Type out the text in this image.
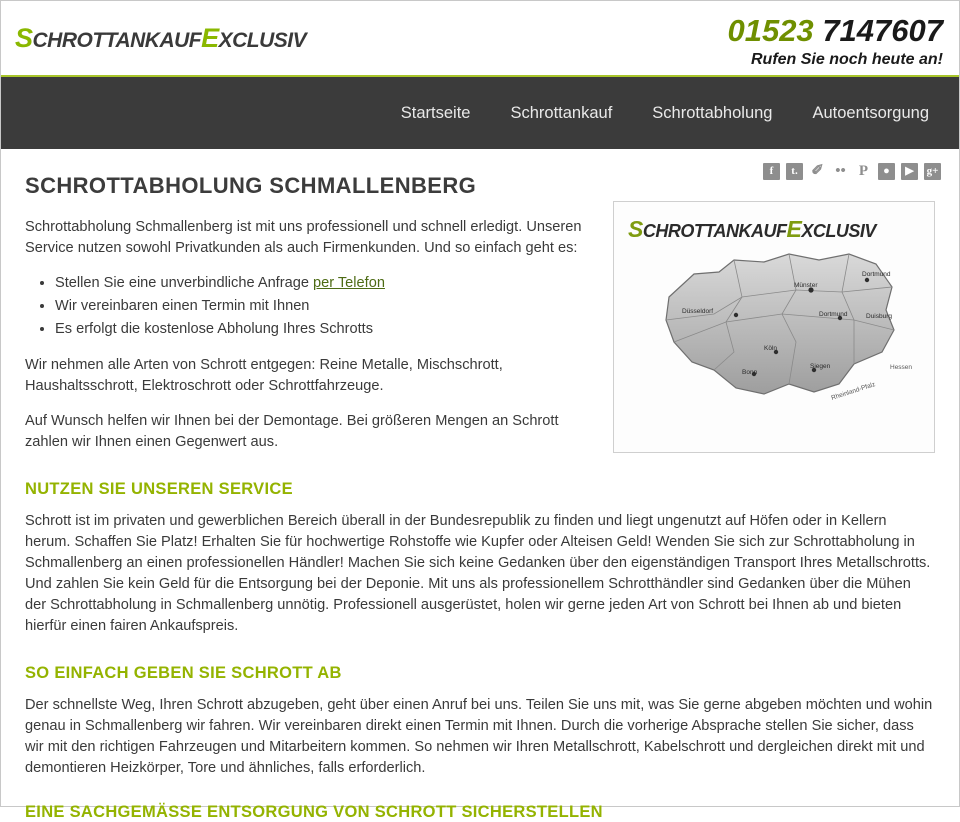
SCHROTTANKAUFEXCLUSIV	01523 7147607
Rufen Sie noch heute an!
Startseite	Schrottankauf	Schrottabholung	Autoentsorgung
f	t. ✐ •• P	●	▶	g+
SCHROTTABHOLUNG SCHMALLENBERG
SCHROTTANKAUFEXCLUSIV
Münster
Dortmund
Düsseldorf	Dortmund	Duisburg
Köln
Bonn
Siegen
Rheinland-Pfalz
Hessen

Schrottabholung Schmallenberg ist mit uns professionell und schnell erledigt. Unseren Service nutzen sowohl Privatkunden als auch Firmenkunden. Und so einfach geht es:

• Stellen Sie eine unverbindliche Anfrage per Telefon
• Wir vereinbaren einen Termin mit Ihnen
• Es erfolgt die kostenlose Abholung Ihres Schrotts

Wir nehmen alle Arten von Schrott entgegen: Reine Metalle, Mischschrott, Haushaltsschrott, Elektroschrott oder Schrottfahrzeuge.

Auf Wunsch helfen wir Ihnen bei der Demontage. Bei größeren Mengen an Schrott zahlen wir Ihnen einen Gegenwert aus.

NUTZEN SIE UNSEREN SERVICE

Schrott ist im privaten und gewerblichen Bereich überall in der Bundesrepublik zu finden und liegt ungenutzt auf Höfen oder in Kellern herum. Schaffen Sie Platz! Erhalten Sie für hochwertige Rohstoffe wie Kupfer oder Alteisen Geld! Wenden Sie sich zur Schrottabholung in Schmallenberg an einen professionellen Händler! Machen Sie sich keine Gedanken über den eigenständigen Transport Ihres Metallschrotts. Und zahlen Sie kein Geld für die Entsorgung bei der Deponie. Mit uns als professionellem Schrotthändler sind Gedanken über die Mühen der Schrottabholung in Schmallenberg unnötig. Professionell ausgerüstet, holen wir gerne jeden Art von Schrott bei Ihnen ab und bieten hierfür einen fairen Ankaufspreis.

SO EINFACH GEBEN SIE SCHROTT AB

Der schnellste Weg, Ihren Schrott abzugeben, geht über einen Anruf bei uns. Teilen Sie uns mit, was Sie gerne abgeben möchten und wohin genau in Schmallenberg wir fahren. Wir vereinbaren direkt einen Termin mit Ihnen. Durch die vorherige Absprache stellen Sie sicher, dass wir mit den richtigen Fahrzeugen und Mitarbeitern kommen. So nehmen wir Ihren Metallschrott, Kabelschrott und dergleichen direkt mit und demontieren Heizkörper, Tore und ähnliches, falls erforderlich.

EINE SACHGEMÄSSE ENTSORGUNG VON SCHROTT SICHERSTELLEN
